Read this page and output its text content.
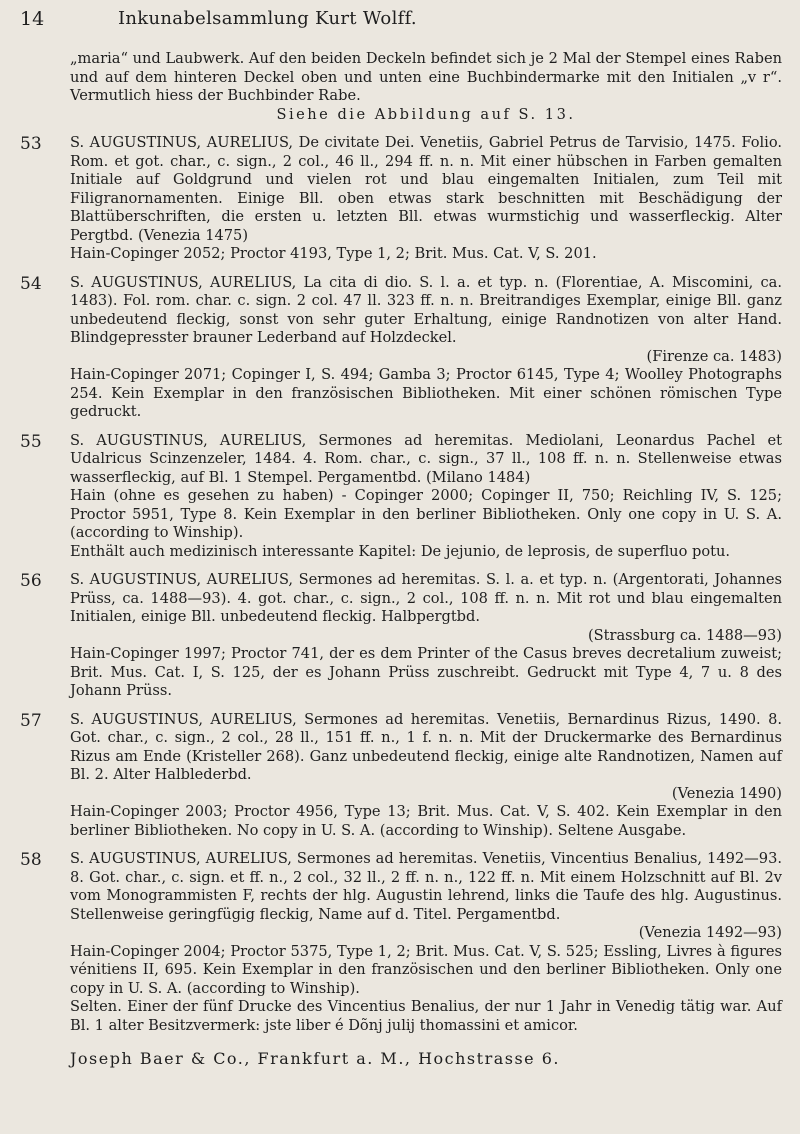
14	Inkunabelsammlung Kurt Wolff.

„maria“ und Laubwerk. Auf den beiden Deckeln befindet sich je 2 Mal der Stempel eines Raben und auf dem hinteren Deckel oben und unten eine Buchbindermarke mit den Initialen „v r“. Vermutlich hiess der Buchbinder Rabe.

Siehe die Abbildung auf S. 13.

53 S. AUGUSTINUS, AURELIUS, De civitate Dei. Venetiis, Gabriel Petrus de Tarvisio, 1475. Folio. Rom. et got. char., c. sign., 2 col., 46 ll., 294 ff. n. n. Mit einer hübschen in Farben gemalten Initiale auf Goldgrund und vielen rot und blau eingemalten Initialen, zum Teil mit Filigranornamenten. Einige Bll. oben etwas stark beschnitten mit Beschädigung der Blattüberschriften, die ersten u. letzten Bll. etwas wurmstichig und wasserfleckig. Alter Pergtbd. (Venezia 1475)

Hain-Copinger 2052; Proctor 4193, Type 1, 2; Brit. Mus. Cat. V, S. 201.

54 S. AUGUSTINUS, AURELIUS, La cita di dio. S. l. a. et typ. n. (Florentiae, A. Miscomini, ca. 1483). Fol. rom. char. c. sign. 2 col. 47 ll. 323 ff. n. n. Breitrandiges Exemplar, einige Bll. ganz unbedeutend fleckig, sonst von sehr guter Erhaltung, einige Randnotizen von alter Hand. Blindgepresster brauner Lederband auf Holzdeckel.

(Firenze ca. 1483)

Hain-Copinger 2071; Copinger I, S. 494; Gamba 3; Proctor 6145, Type 4; Woolley Photographs 254. Kein Exemplar in den französischen Bibliotheken. Mit einer schönen römischen Type gedruckt.

55 S. AUGUSTINUS, AURELIUS, Sermones ad heremitas. Mediolani, Leonardus Pachel et Udalricus Scinzenzeler, 1484. 4. Rom. char., c. sign., 37 ll., 108 ff. n. n. Stellenweise etwas wasserfleckig, auf Bl. 1 Stempel. Pergamentbd. (Milano 1484)

Hain (ohne es gesehen zu haben) - Copinger 2000; Copinger II, 750; Reichling IV, S. 125; Proctor 5951, Type 8. Kein Exemplar in den berliner Bibliotheken. Only one copy in U. S. A. (according to Winship).

Enthält auch medizinisch interessante Kapitel: De jejunio, de leprosis, de superfluo potu.

56 S. AUGUSTINUS, AURELIUS, Sermones ad heremitas. S. l. a. et typ. n. (Argentorati, Johannes Prüss, ca. 1488—93). 4. got. char., c. sign., 2 col., 108 ff. n. n. Mit rot und blau eingemalten Initialen, einige Bll. unbedeutend fleckig. Halbpergtbd.

(Strassburg ca. 1488—93)

Hain-Copinger 1997; Proctor 741, der es dem Printer of the Casus breves decretalium zuweist; Brit. Mus. Cat. I, S. 125, der es Johann Prüss zuschreibt. Gedruckt mit Type 4, 7 u. 8 des Johann Prüss.

57 S. AUGUSTINUS, AURELIUS, Sermones ad heremitas. Venetiis, Bernardinus Rizus, 1490. 8. Got. char., c. sign., 2 col., 28 ll., 151 ff. n., 1 f. n. n. Mit der Druckermarke des Bernardinus Rizus am Ende (Kristeller 268). Ganz unbedeutend fleckig, einige alte Randnotizen, Namen auf Bl. 2. Alter Halblederbd.

(Venezia 1490)

Hain-Copinger 2003; Proctor 4956, Type 13; Brit. Mus. Cat. V, S. 402. Kein Exemplar in den berliner Bibliotheken. No copy in U. S. A. (according to Winship). Seltene Ausgabe.

58 S. AUGUSTINUS, AURELIUS, Sermones ad heremitas. Venetiis, Vincentius Benalius, 1492—93. 8. Got. char., c. sign. et ff. n., 2 col., 32 ll., 2 ff. n. n., 122 ff. n. Mit einem Holzschnitt auf Bl. 2v vom Monogrammisten F, rechts der hlg. Augustin lehrend, links die Taufe des hlg. Augustinus. Stellenweise geringfügig fleckig, Name auf d. Titel. Pergamentbd.

(Venezia 1492—93)

Hain-Copinger 2004; Proctor 5375, Type 1, 2; Brit. Mus. Cat. V, S. 525; Essling, Livres à figures vénitiens II, 695. Kein Exemplar in den französischen und den berliner Bibliotheken. Only one copy in U. S. A. (according to Winship).

Selten. Einer der fünf Drucke des Vincentius Benalius, der nur 1 Jahr in Venedig tätig war. Auf Bl. 1 alter Besitzvermerk: jste liber é Dõnj julij thomassini et amicor.

Joseph Baer & Co., Frankfurt a. M., Hochstrasse 6.
